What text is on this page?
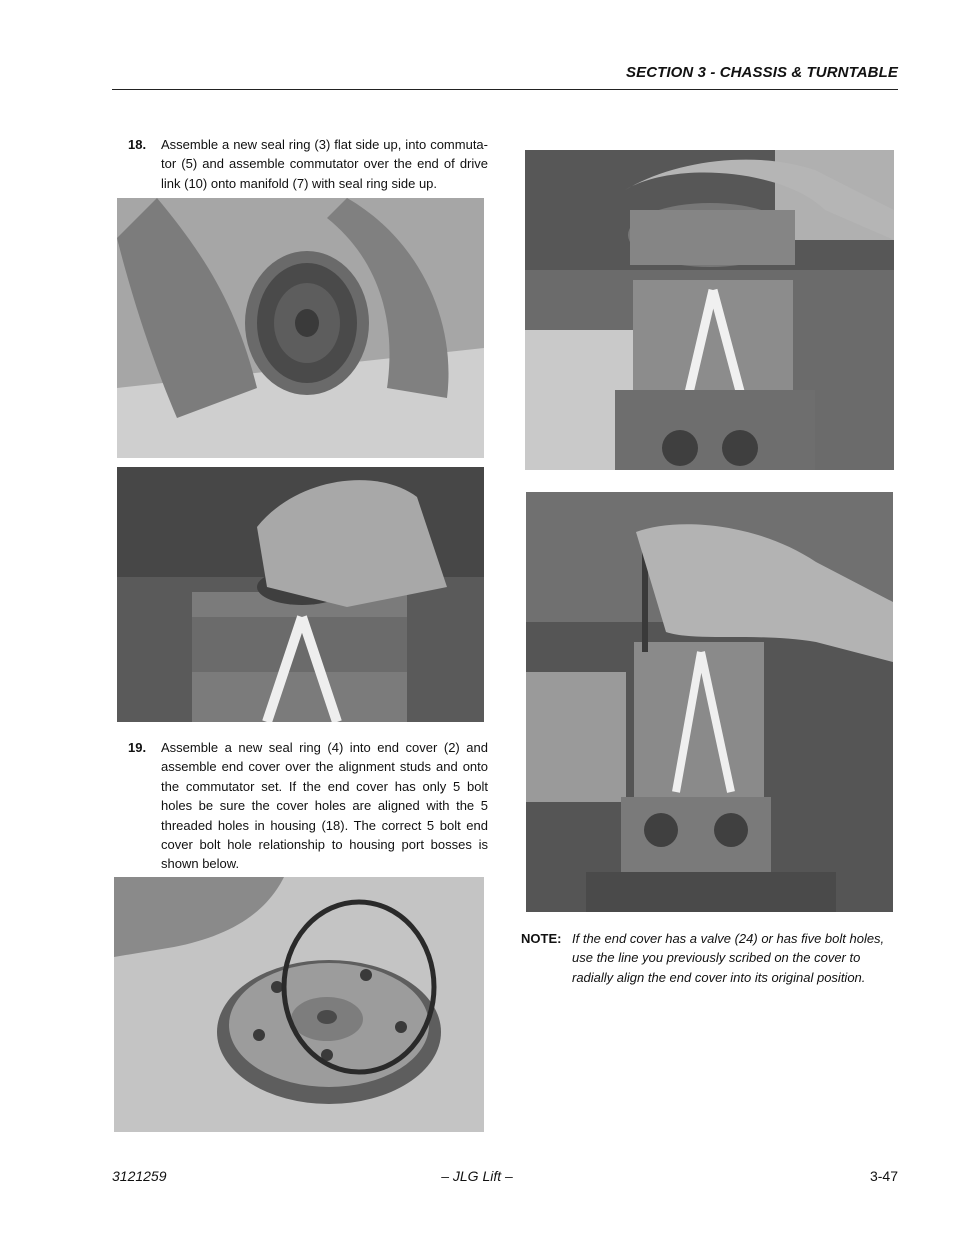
SECTION 3 - CHASSIS & TURNTABLE
18. Assemble a new seal ring (3) flat side up, into commuta-tor (5) and assemble commutator over the end of drive link (10) onto manifold (7) with seal ring side up.
19. Assemble a new seal ring (4) into end cover (2) and assemble end cover over the alignment studs and onto the commutator set. If the end cover has only 5 bolt holes be sure the cover holes are aligned with the 5 threaded holes in housing (18). The correct 5 bolt end cover bolt hole relationship to housing port bosses is shown below.
NOTE: If the end cover has a valve (24) or has five bolt holes, use the line you previously scribed on the cover to radially align the end cover into its original position.
3121259	– JLG Lift –	3-47
